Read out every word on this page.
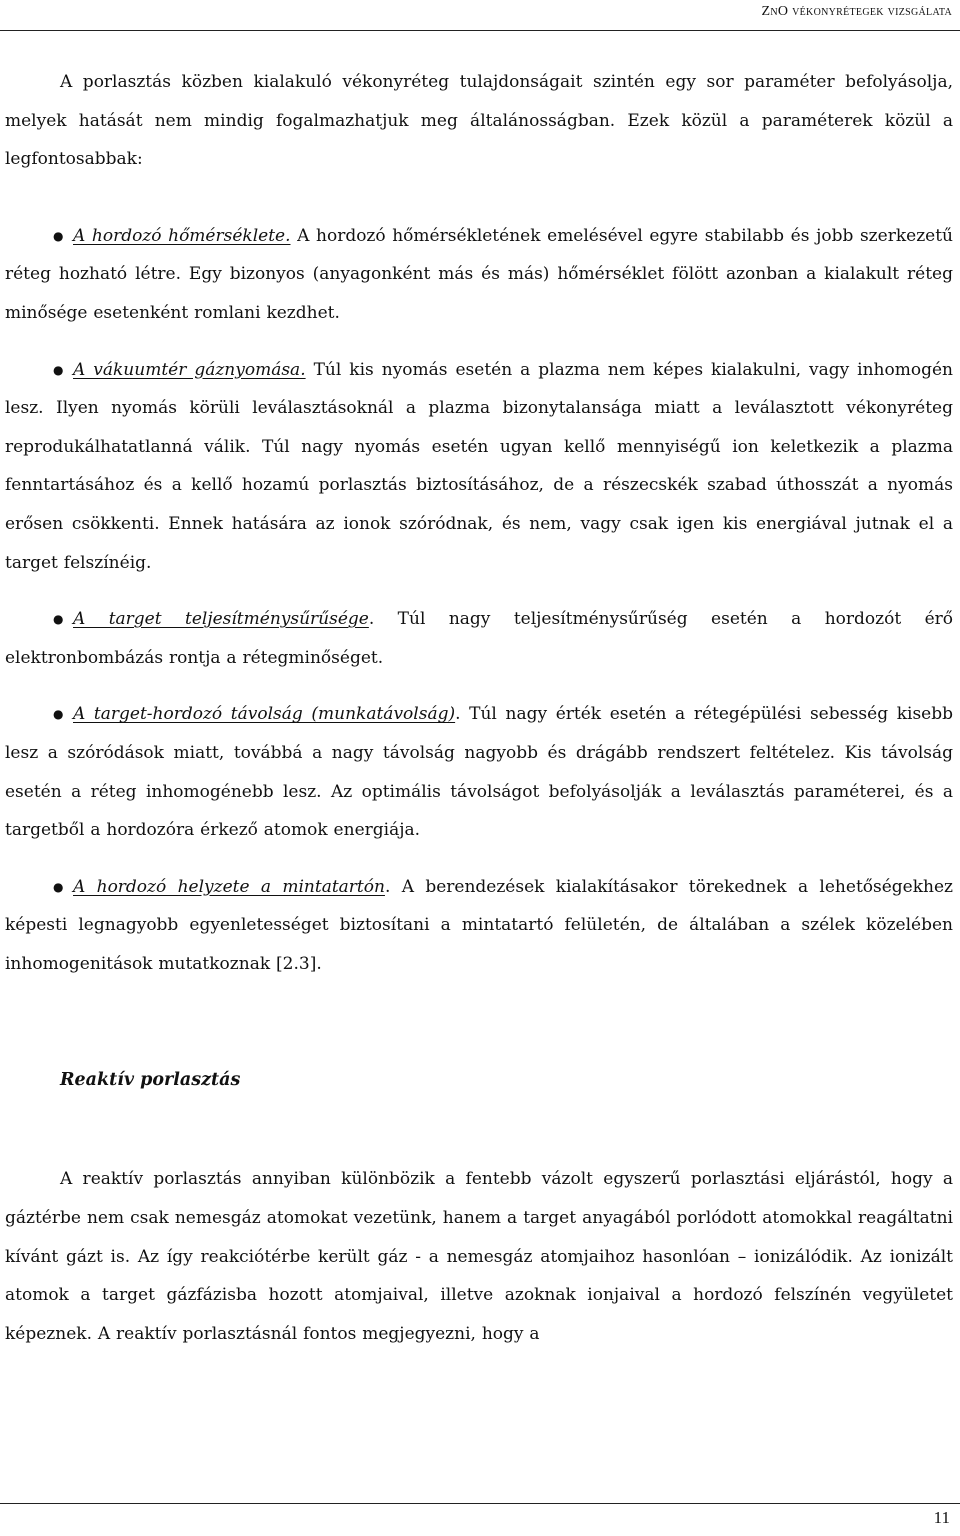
ZnO vékonyrétegek vizsgálata

A porlasztás közben kialakuló vékonyréteg tulajdonságait szintén egy sor paraméter befolyásolja, melyek hatását nem mindig fogalmazhatjuk meg általánosságban. Ezek közül a paraméterek közül a legfontosabbak:

● A hordozó hőmérséklete. A hordozó hőmérsékletének emelésével egyre stabilabb és jobb szerkezetű réteg hozható létre. Egy bizonyos (anyagonként más és más) hőmérséklet fölött azonban a kialakult réteg minősége esetenként romlani kezdhet.

● A vákuumtér gáznyomása. Túl kis nyomás esetén a plazma nem képes kialakulni, vagy inhomogén lesz. Ilyen nyomás körüli leválasztásoknál a plazma bizonytalansága miatt a leválasztott vékonyréteg reprodukálhatatlanná válik. Túl nagy nyomás esetén ugyan kellő mennyiségű ion keletkezik a plazma fenntartásához és a kellő hozamú porlasztás biztosításához, de a részecskék szabad úthosszát a nyomás erősen csökkenti. Ennek hatására az ionok szóródnak, és nem, vagy csak igen kis energiával jutnak el a target felszínéig.

● A target teljesítménysűrűsége. Túl nagy teljesítménysűrűség esetén a hordozót érő elektronbombázás rontja a rétegminőséget.

● A target-hordozó távolság (munkatávolság). Túl nagy érték esetén a rétegépülési sebesség kisebb lesz a szóródások miatt, továbbá a nagy távolság nagyobb és drágább rendszert feltételez. Kis távolság esetén a réteg inhomogénebb lesz. Az optimális távolságot befolyásolják a leválasztás paraméterei, és a targetből a hordozóra érkező atomok energiája.

● A hordozó helyzete a mintatartón. A berendezések kialakításakor törekednek a lehetőségekhez képesti legnagyobb egyenletességet biztosítani a mintatartó felületén, de általában a szélek közelében inhomogenitások mutatkoznak [2.3].

Reaktív porlasztás

A reaktív porlasztás annyiban különbözik a fentebb vázolt egyszerű porlasztási eljárástól, hogy a gáztérbe nem csak nemesgáz atomokat vezetünk, hanem a target anyagából porlódott atomokkal reagáltatni kívánt gázt is. Az így reakciótérbe került gáz - a nemesgáz atomjaihoz hasonlóan – ionizálódik. Az ionizált atomok a target gázfázisba hozott atomjaival, illetve azoknak ionjaival a hordozó felszínén vegyületet képeznek. A reaktív porlasztásnál fontos megjegyezni, hogy a

11
